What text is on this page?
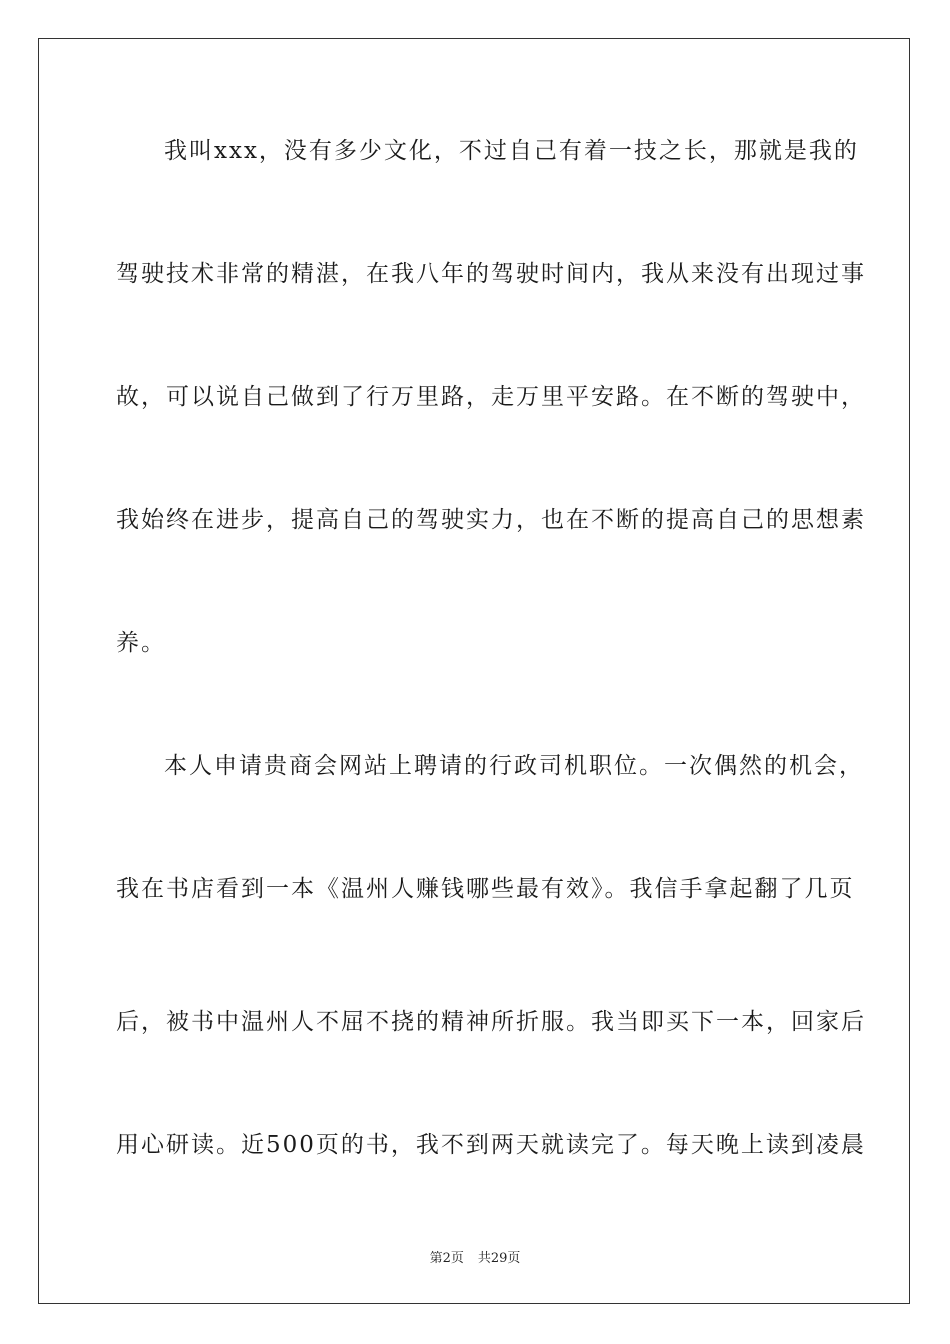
我叫xxx，没有多少文化，不过自己有着一技之长，那就是我的
驾驶技术非常的精湛，在我八年的驾驶时间内，我从来没有出现过事
故，可以说自己做到了行万里路，走万里平安路。在不断的驾驶中，
我始终在进步，提高自己的驾驶实力，也在不断的提高自己的思想素
养。
本人申请贵商会网站上聘请的行政司机职位。一次偶然的机会，
我在书店看到一本《温州人赚钱哪些最有效》。我信手拿起翻了几页
后，被书中温州人不屈不挠的精神所折服。我当即买下一本，回家后
用心研读。近500页的书，我不到两天就读完了。每天晚上读到凌晨
第2页 共29页
